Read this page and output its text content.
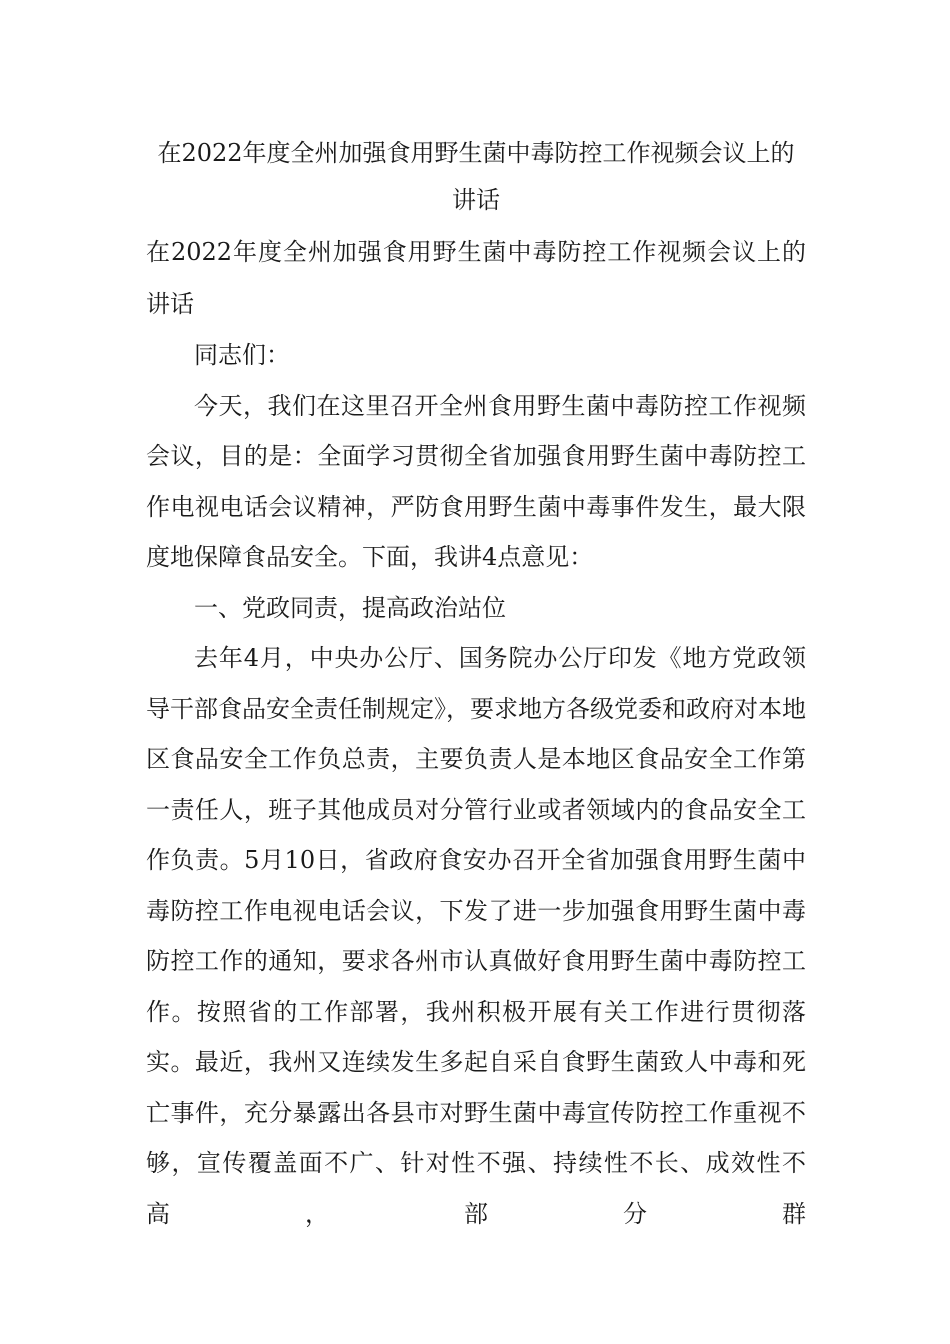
在2022年度全州加强食用野生菌中毒防控工作视频会议上的讲话

在2022年度全州加强食用野生菌中毒防控工作视频会议上的讲话

同志们：

今天，我们在这里召开全州食用野生菌中毒防控工作视频会议，目的是：全面学习贯彻全省加强食用野生菌中毒防控工作电视电话会议精神，严防食用野生菌中毒事件发生，最大限度地保障食品安全。下面，我讲4点意见：

一、党政同责，提高政治站位

去年4月，中央办公厅、国务院办公厅印发《地方党政领导干部食品安全责任制规定》，要求地方各级党委和政府对本地区食品安全工作负总责，主要负责人是本地区食品安全工作第一责任人，班子其他成员对分管行业或者领域内的食品安全工作负责。5月10日，省政府食安办召开全省加强食用野生菌中毒防控工作电视电话会议，下发了进一步加强食用野生菌中毒防控工作的通知，要求各州市认真做好食用野生菌中毒防控工作。按照省的工作部署，我州积极开展有关工作进行贯彻落实。最近，我州又连续发生多起自采自食野生菌致人中毒和死亡事件，充分暴露出各县市对野生菌中毒宣传防控工作重视不够，宣传覆盖面不广、针对性不强、持续性不长、成效性不高，部分群
